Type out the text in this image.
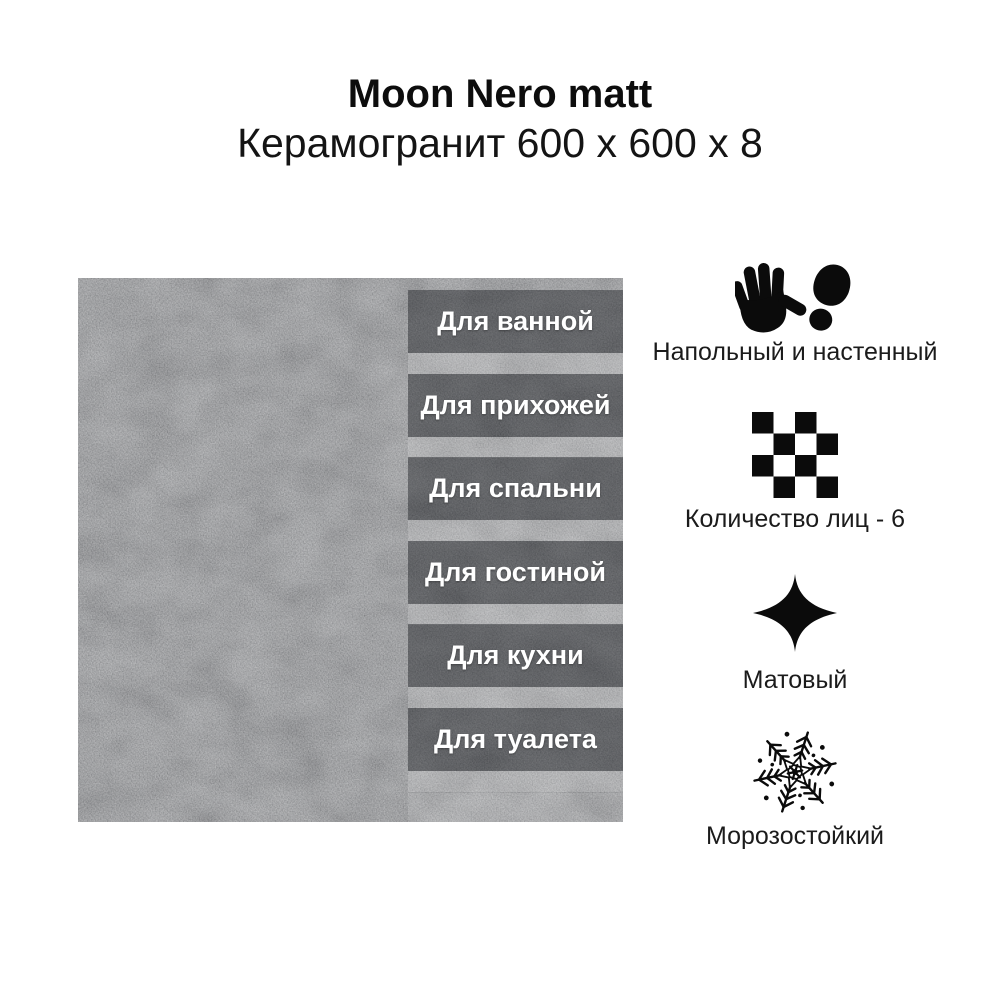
Moon Nero matt
Керамогранит 600 х 600 х 8
Для ванной
Для прихожей
Для спальни
Для гостиной
Для кухни
Для туалета
Напольный и настенный
Количество лиц - 6
Матовый
Морозостойкий
